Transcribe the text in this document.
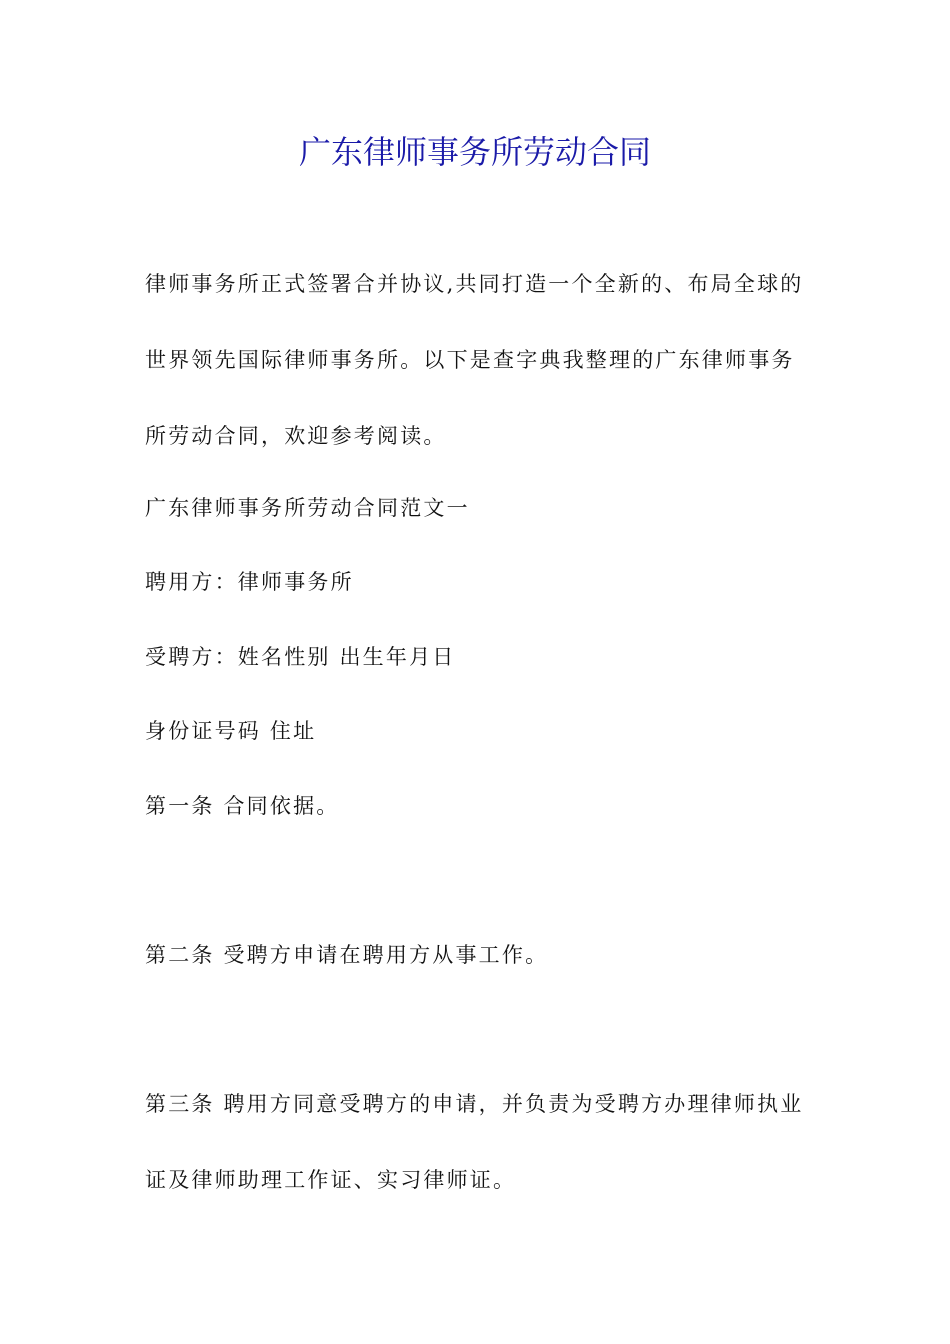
广东律师事务所劳动合同

律师事务所正式签署合并协议,共同打造一个全新的、布局全球的世界领先国际律师事务所。以下是查字典我整理的广东律师事务所劳动合同，欢迎参考阅读。

广东律师事务所劳动合同范文一

聘用方：律师事务所

受聘方：姓名性别 出生年月日

身份证号码 住址

第一条 合同依据。

第二条 受聘方申请在聘用方从事工作。

第三条 聘用方同意受聘方的申请，并负责为受聘方办理律师执业证及律师助理工作证、实习律师证。
